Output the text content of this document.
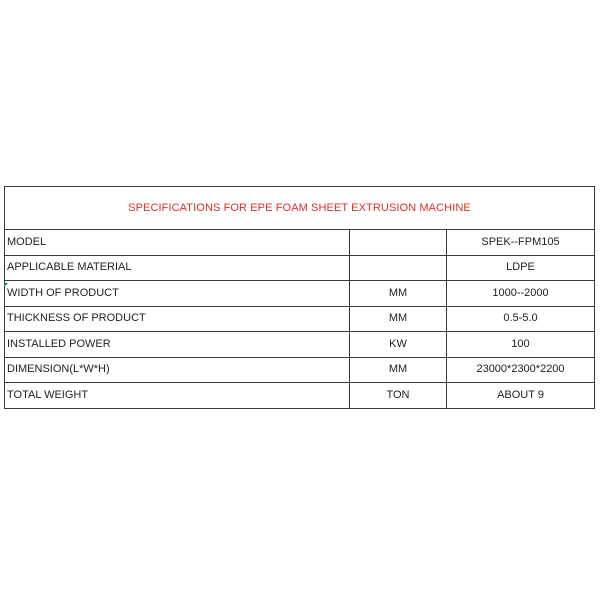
SPECIFICATIONS FOR EPE FOAM SHEET EXTRUSION MACHINE		
MODEL		SPEK--FPM105
APPLICABLE MATERIAL		LDPE
WIDTH OF PRODUCT	MM	1000--2000
THICKNESS OF PRODUCT	MM	0.5-5.0
INSTALLED POWER	KW	100
DIMENSION(L*W*H)	MM	23000*2300*2200
TOTAL WEIGHT	TON	ABOUT 9
